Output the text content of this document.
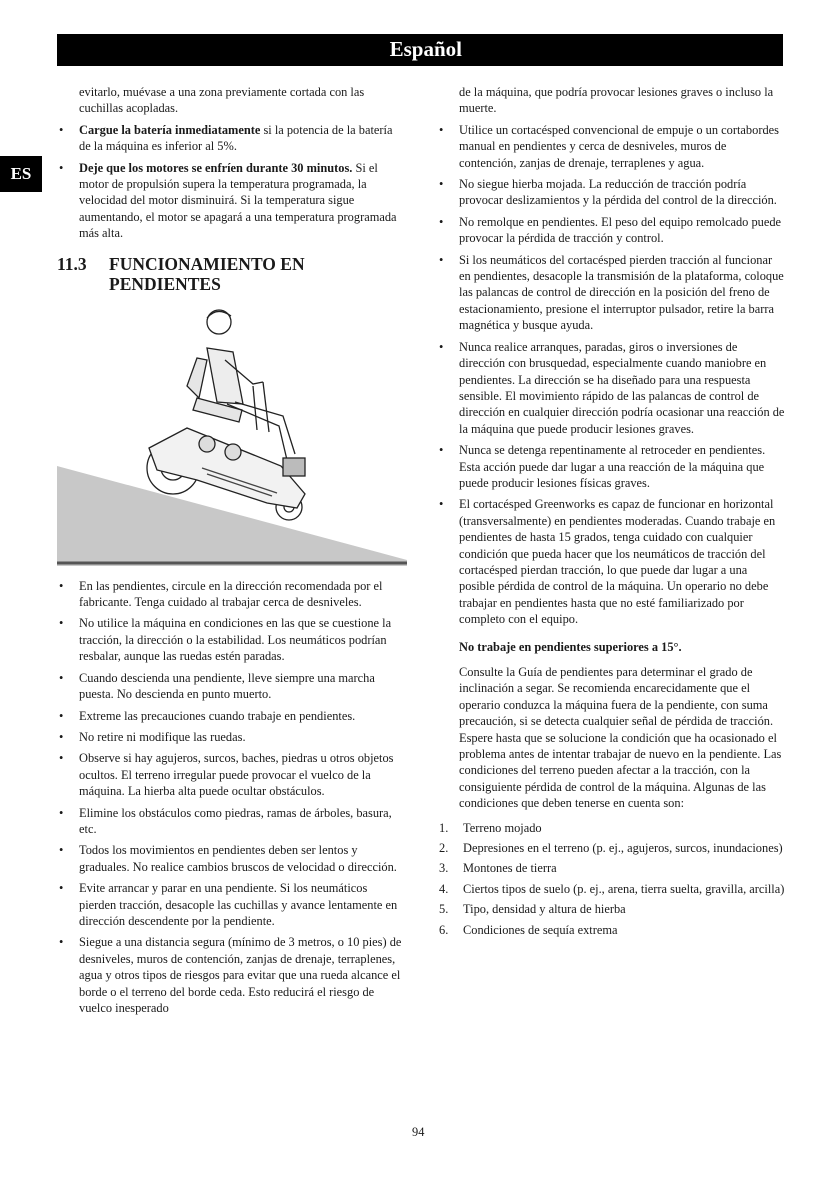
Español
ES

evitarlo, muévase a una zona previamente cortada con las cuchillas acopladas.

• Cargue la batería inmediatamente si la potencia de la batería de la máquina es inferior al 5%.
• Deje que los motores se enfríen durante 30 minutos. Si el motor de propulsión supera la temperatura programada, la velocidad del motor disminuirá. Si la temperatura sigue aumentando, el motor se apagará a una temperatura programada más alta.
11.3	FUNCIONAMIENTO EN PENDIENTES
• En las pendientes, circule en la dirección recomendada por el fabricante. Tenga cuidado al trabajar cerca de desniveles.
• No utilice la máquina en condiciones en las que se cuestione la tracción, la dirección o la estabilidad. Los neumáticos podrían resbalar, aunque las ruedas estén paradas.
• Cuando descienda una pendiente, lleve siempre una marcha puesta. No descienda en punto muerto.
• Extreme las precauciones cuando trabaje en pendientes.
• No retire ni modifique las ruedas.
• Observe si hay agujeros, surcos, baches, piedras u otros objetos ocultos. El terreno irregular puede provocar el vuelco de la máquina. La hierba alta puede ocultar obstáculos.
• Elimine los obstáculos como piedras, ramas de árboles, basura, etc.
• Todos los movimientos en pendientes deben ser lentos y graduales. No realice cambios bruscos de velocidad o dirección.
• Evite arrancar y parar en una pendiente. Si los neumáticos pierden tracción, desacople las cuchillas y avance lentamente en dirección descendente por la pendiente.
• Siegue a una distancia segura (mínimo de 3 metros, o 10 pies) de desniveles, muros de contención, zanjas de drenaje, terraplenes, agua y otros tipos de riesgos para evitar que una rueda alcance el borde o el terreno del borde ceda. Esto reducirá el riesgo de vuelco inesperado

de la máquina, que podría provocar lesiones graves o incluso la muerte.

• Utilice un cortacésped convencional de empuje o un cortabordes manual en pendientes y cerca de desniveles, muros de contención, zanjas de drenaje, terraplenes y agua.
• No siegue hierba mojada. La reducción de tracción podría provocar deslizamientos y la pérdida del control de la dirección.
• No remolque en pendientes. El peso del equipo remolcado puede provocar la pérdida de tracción y control.
• Si los neumáticos del cortacésped pierden tracción al funcionar en pendientes, desacople la transmisión de la plataforma, coloque las palancas de control de dirección en la posición del freno de estacionamiento, presione el interruptor pulsador, retire la barra magnética y busque ayuda.
• Nunca realice arranques, paradas, giros o inversiones de dirección con brusquedad, especialmente cuando maniobre en pendientes. La dirección se ha diseñado para una respuesta sensible. El movimiento rápido de las palancas de control de dirección en cualquier dirección podría ocasionar una reacción de la máquina que puede producir lesiones graves.
• Nunca se detenga repentinamente al retroceder en pendientes. Esta acción puede dar lugar a una reacción de la máquina que puede producir lesiones físicas graves.
• El cortacésped Greenworks es capaz de funcionar en horizontal (transversalmente) en pendientes moderadas. Cuando trabaje en pendientes de hasta 15 grados, tenga cuidado con cualquier condición que pueda hacer que los neumáticos de tracción del cortacésped pierdan tracción, lo que puede dar lugar a una posible pérdida de control de la máquina. Un operario no debe trabajar en pendientes hasta que no esté familiarizado por completo con el equipo.

No trabaje en pendientes superiores a 15°.

Consulte la Guía de pendientes para determinar el grado de inclinación a segar. Se recomienda encarecidamente que el operario conduzca la máquina fuera de la pendiente, con suma precaución, si se detecta cualquier señal de pérdida de tracción. Espere hasta que se solucione la condición que ha ocasionado el problema antes de intentar trabajar de nuevo en la pendiente. Las condiciones del terreno pueden afectar a la tracción, con la consiguiente pérdida de control de la máquina. Algunas de las condiciones que deben tenerse en cuenta son:

1. Terreno mojado
2. Depresiones en el terreno (p. ej., agujeros, surcos, inundaciones)
3. Montones de tierra
4. Ciertos tipos de suelo (p. ej., arena, tierra suelta, gravilla, arcilla)
5. Tipo, densidad y altura de hierba
6. Condiciones de sequía extrema
94
